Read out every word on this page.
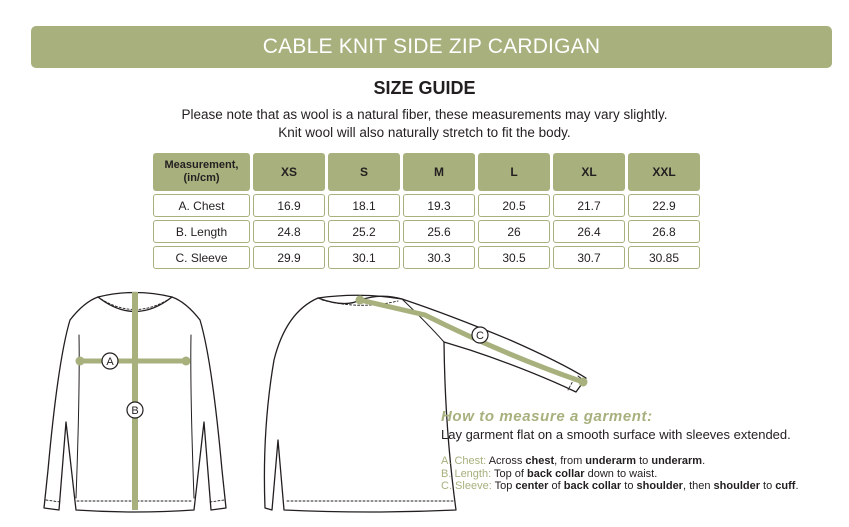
CABLE KNIT SIDE ZIP CARDIGAN
SIZE GUIDE
Please note that as wool is a natural fiber, these measurements may vary slightly.
Knit wool will also naturally stretch to fit the body.
Measurement,
(in/cm)	XS	S	M	L	XL	XXL
A. Chest	16.9	18.1	19.3	20.5	21.7	22.9
B. Length	24.8	25.2	25.6	26	26.4	26.8
C. Sleeve	29.9	30.1	30.3	30.5	30.7	30.85
A
B
C
How to measure a garment:
Lay garment flat on a smooth surface with sleeves extended.
A. Chest: Across chest, from underarm to underarm.
B. Length: Top of back collar down to waist.
C. Sleeve: Top center of back collar to shoulder, then shoulder to cuff.
